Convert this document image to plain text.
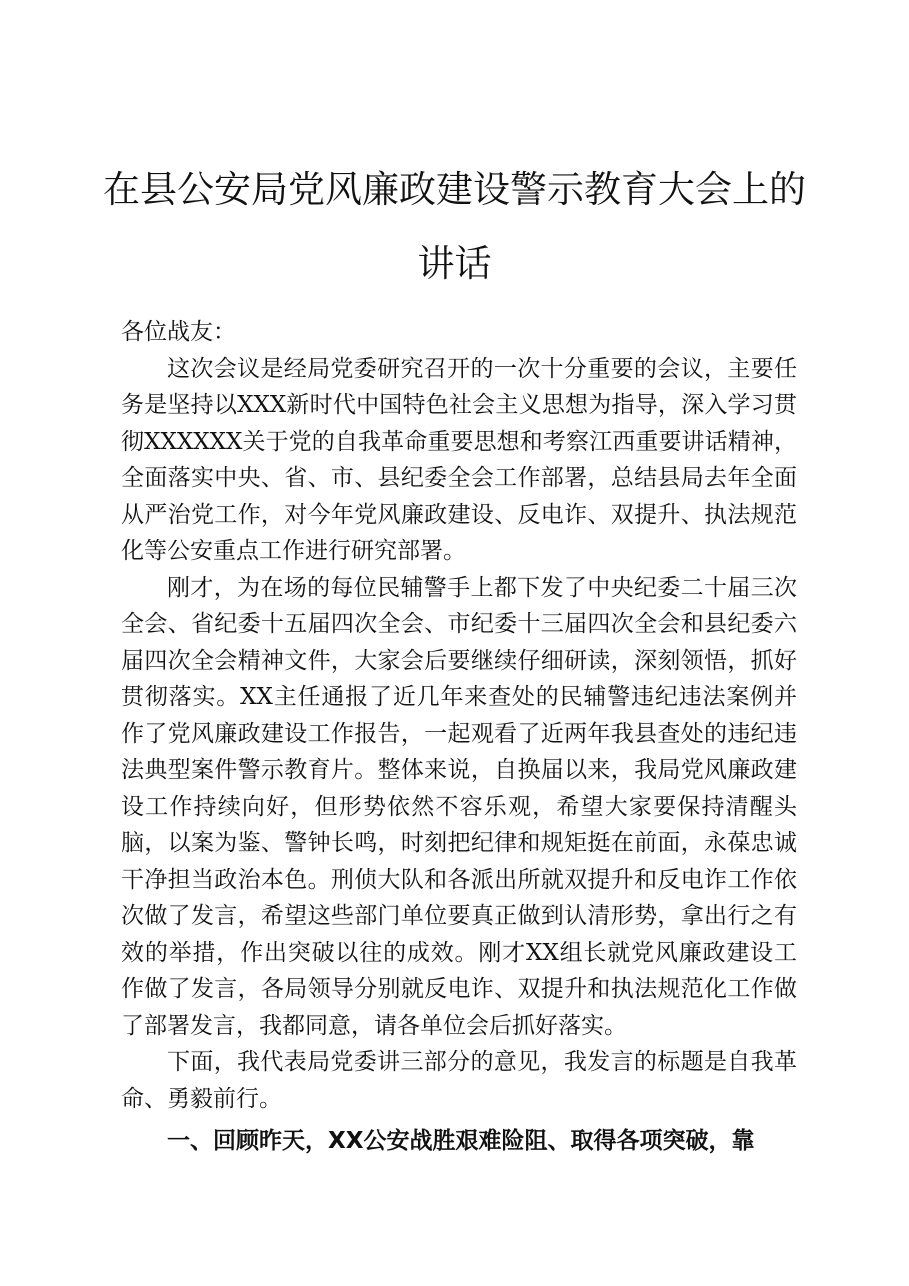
在县公安局党风廉政建设警示教育大会上的讲话

各位战友：

这次会议是经局党委研究召开的一次十分重要的会议，主要任务是坚持以XXX新时代中国特色社会主义思想为指导，深入学习贯彻XXXXXX关于党的自我革命重要思想和考察江西重要讲话精神，全面落实中央、省、市、县纪委全会工作部署，总结县局去年全面从严治党工作，对今年党风廉政建设、反电诈、双提升、执法规范化等公安重点工作进行研究部署。

刚才，为在场的每位民辅警手上都下发了中央纪委二十届三次全会、省纪委十五届四次全会、市纪委十三届四次全会和县纪委六届四次全会精神文件，大家会后要继续仔细研读，深刻领悟，抓好贯彻落实。XX主任通报了近几年来查处的民辅警违纪违法案例并作了党风廉政建设工作报告，一起观看了近两年我县查处的违纪违法典型案件警示教育片。整体来说，自换届以来，我局党风廉政建设工作持续向好，但形势依然不容乐观，希望大家要保持清醒头脑，以案为鉴、警钟长鸣，时刻把纪律和规矩挺在前面，永葆忠诚干净担当政治本色。刑侦大队和各派出所就双提升和反电诈工作依次做了发言，希望这些部门单位要真正做到认清形势，拿出行之有效的举措，作出突破以往的成效。刚才XX组长就党风廉政建设工作做了发言，各局领导分别就反电诈、双提升和执法规范化工作做了部署发言，我都同意，请各单位会后抓好落实。

下面，我代表局党委讲三部分的意见，我发言的标题是自我革命、勇毅前行。

一、回顾昨天，XX公安战胜艰难险阻、取得各项突破，靠
